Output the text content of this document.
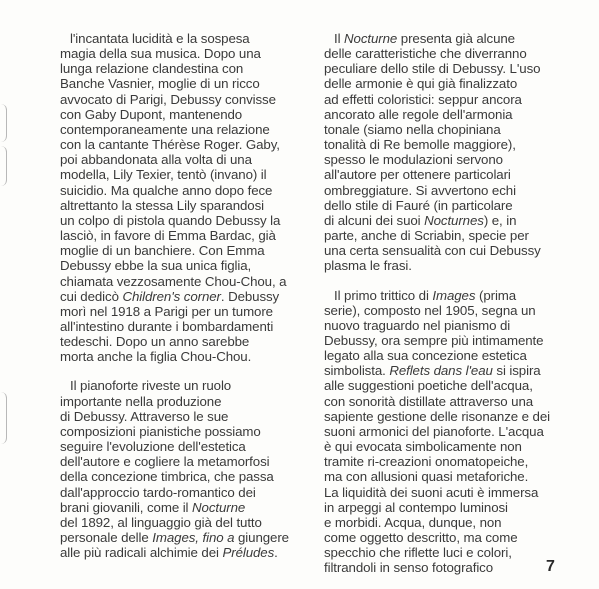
l'incantata lucidità e la sospesa
magia della sua musica. Dopo una
lunga relazione clandestina con
Banche Vasnier, moglie di un ricco
avvocato di Parigi, Debussy convisse
con Gaby Dupont, mantenendo
contemporaneamente una relazione
con la cantante Thérèse Roger. Gaby,
poi abbandonata alla volta di una
modella, Lily Texier, tentò (invano) il
suicidio. Ma qualche anno dopo fece
altrettanto la stessa Lily sparandosi
un colpo di pistola quando Debussy la
lasciò, in favore di Emma Bardac, già
moglie di un banchiere. Con Emma
Debussy ebbe la sua unica figlia,
chiamata vezzosamente Chou-Chou, a
cui dedicò Children's corner. Debussy
morì nel 1918 a Parigi per un tumore
all'intestino durante i bombardamenti
tedeschi. Dopo un anno sarebbe
morta anche la figlia Chou-Chou.
Il pianoforte riveste un ruolo
importante nella produzione
di Debussy. Attraverso le sue
composizioni pianistiche possiamo
seguire l'evoluzione dell'estetica
dell'autore e cogliere la metamorfosi
della concezione timbrica, che passa
dall'approccio tardo-romantico dei
brani giovanili, come il Nocturne
del 1892, al linguaggio già del tutto
personale delle Images, fino a giungere
alle più radicali alchimie dei Préludes.
Il Nocturne presenta già alcune
delle caratteristiche che diverranno
peculiare dello stile di Debussy. L'uso
delle armonie è qui già finalizzato
ad effetti coloristici: seppur ancora
ancorato alle regole dell'armonia
tonale (siamo nella chopiniana
tonalità di Re bemolle maggiore),
spesso le modulazioni servono
all'autore per ottenere particolari
ombreggiature. Si avvertono echi
dello stile di Fauré (in particolare
di alcuni dei suoi Nocturnes) e, in
parte, anche di Scriabin, specie per
una certa sensualità con cui Debussy
plasma le frasi.
Il primo trittico di Images (prima
serie), composto nel 1905, segna un
nuovo traguardo nel pianismo di
Debussy, ora sempre più intimamente
legato alla sua concezione estetica
simbolista. Reflets dans l'eau si ispira
alle suggestioni poetiche dell'acqua,
con sonorità distillate attraverso una
sapiente gestione delle risonanze e dei
suoni armonici del pianoforte. L'acqua
è qui evocata simbolicamente non
tramite ri-creazioni onomatopeiche,
ma con allusioni quasi metaforiche.
La liquidità dei suoni acuti è immersa
in arpeggi al contempo luminosi
e morbidi. Acqua, dunque, non
come oggetto descritto, ma come
specchio che riflette luci e colori,
filtrandoli in senso fotografico	7
